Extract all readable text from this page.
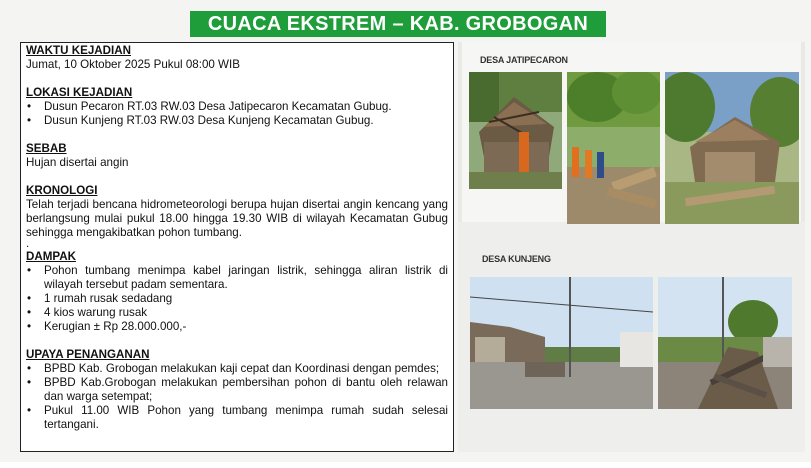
CUACA EKSTREM – KAB. GROBOGAN
WAKTU KEJADIAN
Jumat, 10 Oktober 2025 Pukul 08:00 WIB
LOKASI KEJADIAN
• Dusun Pecaron RT.03 RW.03 Desa Jatipecaron Kecamatan Gubug.
• Dusun Kunjeng RT.03 RW.03 Desa Kunjeng Kecamatan Gubug.
SEBAB
Hujan disertai angin
KRONOLOGI
Telah terjadi bencana hidrometeorologi berupa hujan disertai angin kencang yang berlangsung mulai pukul 18.00 hingga 19.30 WIB di wilayah Kecamatan Gubug sehingga mengakibatkan pohon tumbang.
.
DAMPAK
• Pohon tumbang menimpa kabel jaringan listrik, sehingga aliran listrik di wilayah tersebut padam sementara.
• 1 rumah rusak sedadang
• 4 kios warung rusak
• Kerugian ± Rp 28.000.000,-
UPAYA PENANGANAN
• BPBD Kab. Grobogan melakukan kaji cepat dan Koordinasi dengan pemdes;
• BPBD Kab.Grobogan melakukan pembersihan pohon di bantu oleh relawan dan warga setempat;
• Pukul 11.00 WIB Pohon yang tumbang menimpa rumah sudah selesai tertangani.
DESA JATIPECARON
DESA KUNJENG
